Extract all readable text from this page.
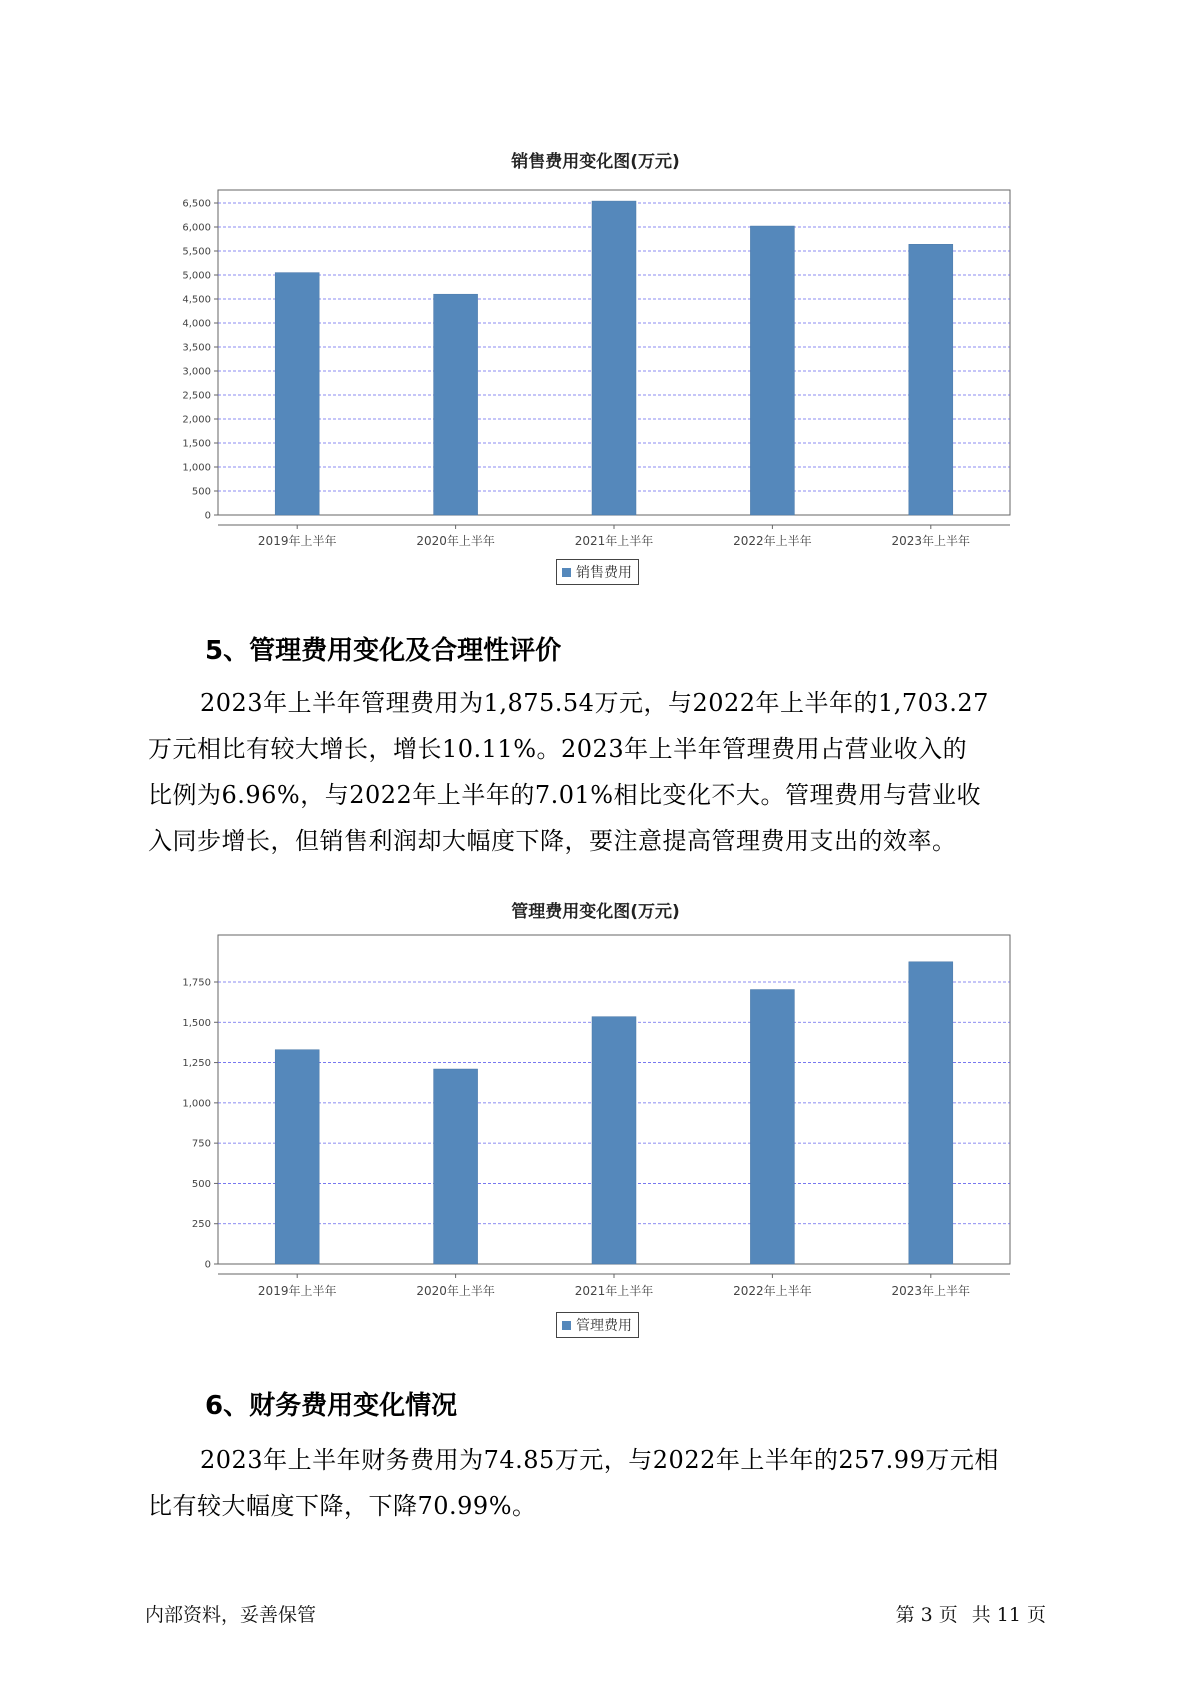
销售费用变化图(万元)
0
500
1,000
1,500
2,000
2,500
3,000
3,500
4,000
4,500
5,000
5,500
6,000
6,500
2019年上半年	2020年上半年	2021年上半年	2022年上半年	2023年上半年
销售费用
5、管理费用变化及合理性评价
2023年上半年管理费用为1,875.54万元，与2022年上半年的1,703.27
万元相比有较大增长，增长10.11%。2023年上半年管理费用占营业收入的
比例为6.96%，与2022年上半年的7.01%相比变化不大。管理费用与营业收
入同步增长，但销售利润却大幅度下降，要注意提高管理费用支出的效率。
管理费用变化图(万元)
0
250
500
750
1,000
1,250
1,500
1,750
2019年上半年	2020年上半年	2021年上半年	2022年上半年	2023年上半年
管理费用
6、财务费用变化情况
2023年上半年财务费用为74.85万元，与2022年上半年的257.99万元相
比有较大幅度下降，下降70.99%。
内部资料，妥善保管	第 3 页 共 11 页
